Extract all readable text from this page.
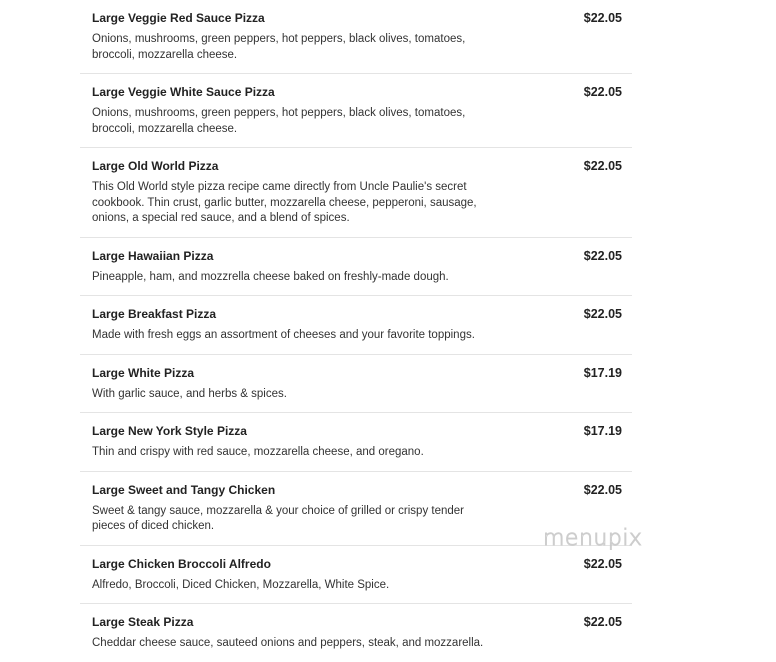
Large Veggie Red Sauce Pizza	$22.05
Onions, mushrooms, green peppers, hot peppers, black olives, tomatoes, broccoli, mozzarella cheese.
Large Veggie White Sauce Pizza	$22.05
Onions, mushrooms, green peppers, hot peppers, black olives, tomatoes, broccoli, mozzarella cheese.
Large Old World Pizza	$22.05
This Old World style pizza recipe came directly from Uncle Paulie's secret cookbook. Thin crust, garlic butter, mozzarella cheese, pepperoni, sausage, onions, a special red sauce, and a blend of spices.
Large Hawaiian Pizza	$22.05
Pineapple, ham, and mozzrella cheese baked on freshly-made dough.
Large Breakfast Pizza	$22.05
Made with fresh eggs an assortment of cheeses and your favorite toppings.
Large White Pizza	$17.19
With garlic sauce, and herbs & spices.
Large New York Style Pizza	$17.19
Thin and crispy with red sauce, mozzarella cheese, and oregano.
Large Sweet and Tangy Chicken	$22.05
Sweet & tangy sauce, mozzarella & your choice of grilled or crispy tender pieces of diced chicken.
Large Chicken Broccoli Alfredo	$22.05
Alfredo, Broccoli, Diced Chicken, Mozzarella, White Spice.
Large Steak Pizza	$22.05
Cheddar cheese sauce, sauteed onions and peppers, steak, and mozzarella.
menupix
